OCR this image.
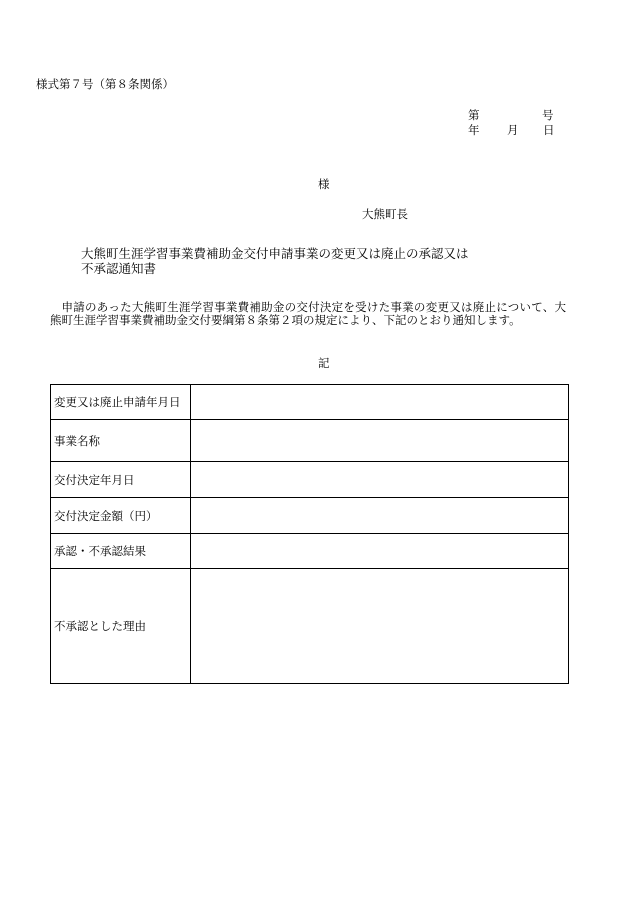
様式第７号（第８条関係）
第	号
年 月 日
様
大熊町長
大熊町生涯学習事業費補助金交付申請事業の変更又は廃止の承認又は
不承認通知書
申請のあった大熊町生涯学習事業費補助金の交付決定を受けた事業の変更又は廃止について、大熊町生涯学習事業費補助金交付要綱第８条第２項の規定により、下記のとおり通知します。
記
変更又は廃止申請年月日	
事業名称	
交付決定年月日	
交付決定金額（円）	
承認・不承認結果	
不承認とした理由	
